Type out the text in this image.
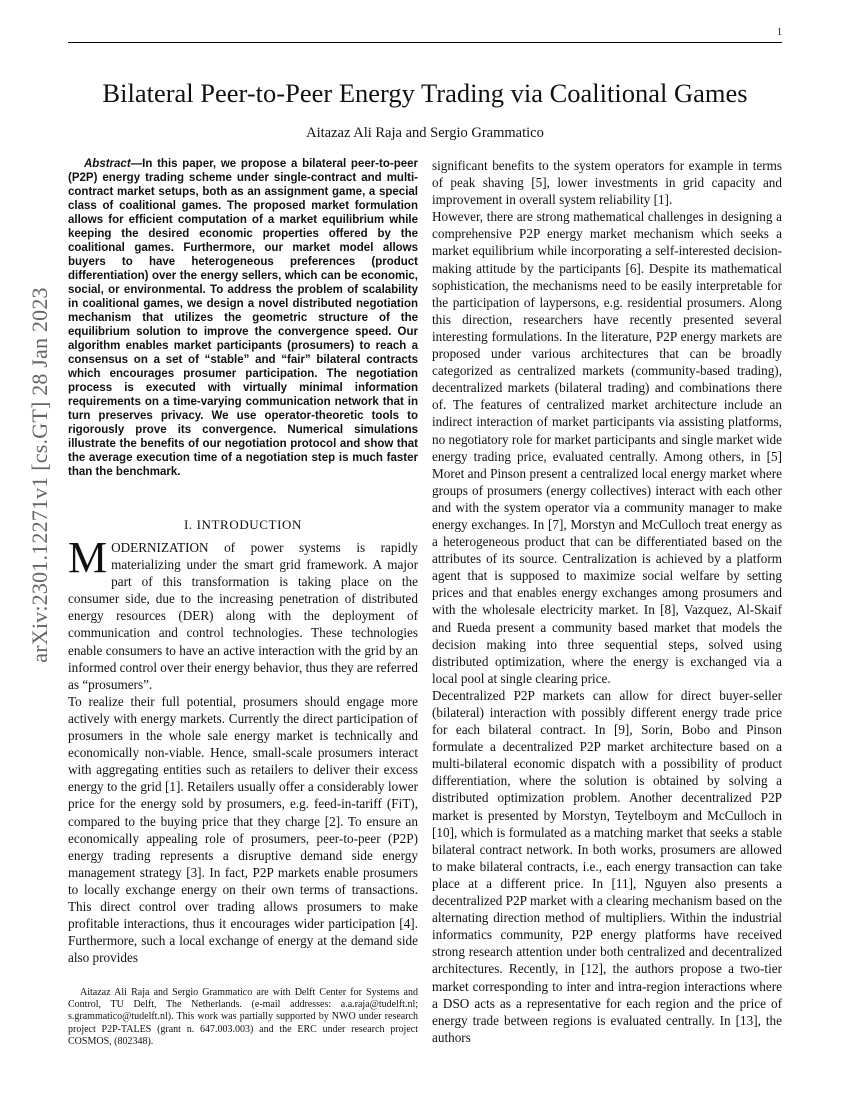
1
arXiv:2301.12271v1 [cs.GT] 28 Jan 2023
Bilateral Peer-to-Peer Energy Trading via Coalitional Games
Aitazaz Ali Raja and Sergio Grammatico

Abstract—In this paper, we propose a bilateral peer-to-peer (P2P) energy trading scheme under single-contract and multi-contract market setups, both as an assignment game, a special class of coalitional games. The proposed market formulation allows for efficient computation of a market equilibrium while keeping the desired economic properties offered by the coalitional games. Furthermore, our market model allows buyers to have heterogeneous preferences (product differentiation) over the energy sellers, which can be economic, social, or environmental. To address the problem of scalability in coalitional games, we design a novel distributed negotiation mechanism that utilizes the geometric structure of the equilibrium solution to improve the convergence speed. Our algorithm enables market participants (prosumers) to reach a consensus on a set of “stable” and “fair” bilateral contracts which encourages prosumer participation. The negotiation process is executed with virtually minimal information requirements on a time-varying communication network that in turn preserves privacy. We use operator-theoretic tools to rigorously prove its convergence. Numerical simulations illustrate the benefits of our negotiation protocol and show that the average execution time of a negotiation step is much faster than the benchmark.

I. INTRODUCTION

MODERNIZATION of power systems is rapidly materializing under the smart grid framework. A major part of this transformation is taking place on the consumer side, due to the increasing penetration of distributed energy resources (DER) along with the deployment of communication and control technologies. These technologies enable consumers to have an active interaction with the grid by an informed control over their energy behavior, thus they are referred as “prosumers”.

To realize their full potential, prosumers should engage more actively with energy markets. Currently the direct participation of prosumers in the whole sale energy market is technically and economically non-viable. Hence, small-scale prosumers interact with aggregating entities such as retailers to deliver their excess energy to the grid [1]. Retailers usually offer a considerably lower price for the energy sold by prosumers, e.g. feed-in-tariff (FiT), compared to the buying price that they charge [2]. To ensure an economically appealing role of prosumers, peer-to-peer (P2P) energy trading represents a disruptive demand side energy management strategy [3]. In fact, P2P markets enable prosumers to locally exchange energy on their own terms of transactions. This direct control over trading allows prosumers to make profitable interactions, thus it encourages wider participation [4]. Furthermore, such a local exchange of energy at the demand side also provides

Aitazaz Ali Raja and Sergio Grammatico are with Delft Center for Systems and Control, TU Delft, The Netherlands. (e-mail addresses: a.a.raja@tudelft.nl; s.grammatico@tudelft.nl). This work was partially supported by NWO under research project P2P-TALES (grant n. 647.003.003) and the ERC under research project COSMOS, (802348).

significant benefits to the system operators for example in terms of peak shaving [5], lower investments in grid capacity and improvement in overall system reliability [1].

However, there are strong mathematical challenges in designing a comprehensive P2P energy market mechanism which seeks a market equilibrium while incorporating a self-interested decision-making attitude by the participants [6]. Despite its mathematical sophistication, the mechanisms need to be easily interpretable for the participation of laypersons, e.g. residential prosumers. Along this direction, researchers have recently presented several interesting formulations. In the literature, P2P energy markets are proposed under various architectures that can be broadly categorized as centralized markets (community-based trading), decentralized markets (bilateral trading) and combinations there of. The features of centralized market architecture include an indirect interaction of market participants via assisting platforms, no negotiatory role for market participants and single market wide energy trading price, evaluated centrally. Among others, in [5] Moret and Pinson present a centralized local energy market where groups of prosumers (energy collectives) interact with each other and with the system operator via a community manager to make energy exchanges. In [7], Morstyn and McCulloch treat energy as a heterogeneous product that can be differentiated based on the attributes of its source. Centralization is achieved by a platform agent that is supposed to maximize social welfare by setting prices and that enables energy exchanges among prosumers and with the wholesale electricity market. In [8], Vazquez, Al-Skaif and Rueda present a community based market that models the decision making into three sequential steps, solved using distributed optimization, where the energy is exchanged via a local pool at single clearing price.

Decentralized P2P markets can allow for direct buyer-seller (bilateral) interaction with possibly different energy trade price for each bilateral contract. In [9], Sorin, Bobo and Pinson formulate a decentralized P2P market architecture based on a multi-bilateral economic dispatch with a possibility of product differentiation, where the solution is obtained by solving a distributed optimization problem. Another decentralized P2P market is presented by Morstyn, Teytelboym and McCulloch in [10], which is formulated as a matching market that seeks a stable bilateral contract network. In both works, prosumers are allowed to make bilateral contracts, i.e., each energy transaction can take place at a different price. In [11], Nguyen also presents a decentralized P2P market with a clearing mechanism based on the alternating direction method of multipliers. Within the industrial informatics community, P2P energy platforms have received strong research attention under both centralized and decentralized architectures. Recently, in [12], the authors propose a two-tier market corresponding to inter and intra-region interactions where a DSO acts as a representative for each region and the price of energy trade between regions is evaluated centrally. In [13], the authors
